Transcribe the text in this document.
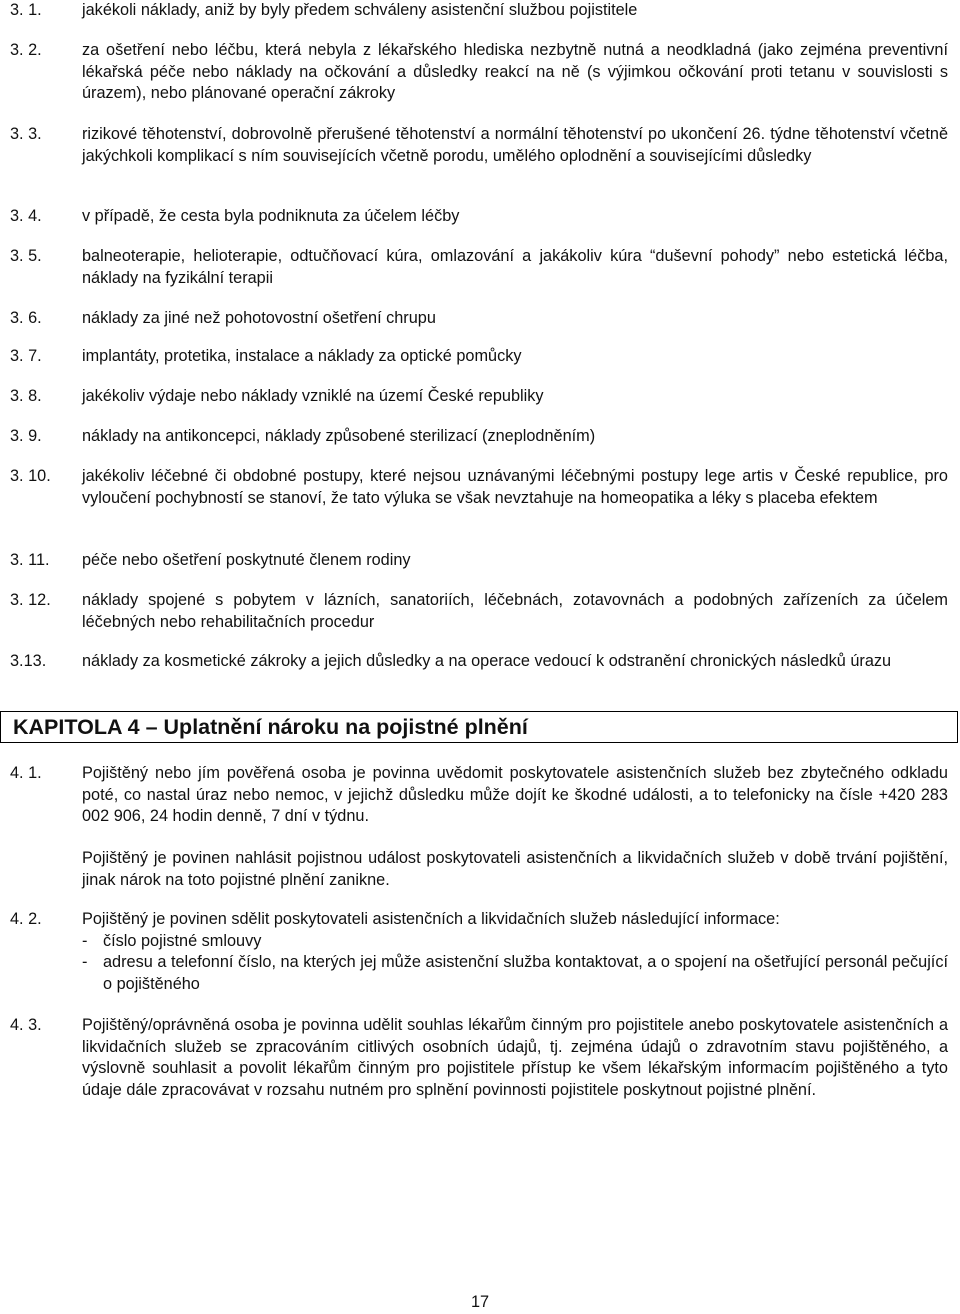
3. 1. jakékoli náklady, aniž by byly předem schváleny asistenční službou pojistitele
3. 2. za ošetření nebo léčbu, která nebyla z lékařského hlediska nezbytně nutná a neodkladná (jako zejména preventivní lékařská péče nebo náklady na očkování a důsledky reakcí na ně (s výjimkou očkování proti tetanu v souvislosti s úrazem), nebo plánované operační zákroky
3. 3. rizikové těhotenství, dobrovolně přerušené těhotenství a normální těhotenství po ukončení 26. týdne těhotenství včetně jakýchkoli komplikací s ním souvisejících včetně porodu, umělého oplodnění a souvisejícími důsledky
3. 4. v případě, že cesta byla podniknuta za účelem léčby
3. 5. balneoterapie, helioterapie, odtučňovací kúra, omlazování a jakákoliv kúra “duševní pohody” nebo estetická léčba, náklady na fyzikální terapii
3. 6. náklady za jiné než pohotovostní ošetření chrupu
3. 7. implantáty, protetika, instalace a náklady za optické pomůcky
3. 8. jakékoliv výdaje nebo náklady vzniklé na území České republiky
3. 9. náklady na antikoncepci, náklady způsobené sterilizací (zneplodněním)
3. 10. jakékoliv léčebné či obdobné postupy, které nejsou uznávanými léčebnými postupy lege artis v České republice, pro vyloučení pochybností se stanoví, že tato výluka se však nevztahuje na homeopatika a léky s placeba efektem
3. 11. péče nebo ošetření poskytnuté členem rodiny
3. 12. náklady spojené s pobytem v lázních, sanatoriích, léčebnách, zotavovnách a podobných zařízeních za účelem léčebných nebo rehabilitačních procedur
3.13. náklady za kosmetické zákroky a jejich důsledky a na operace vedoucí k odstranění chronických následků úrazu
KAPITOLA 4 – Uplatnění nároku na pojistné plnění
4. 1. Pojištěný nebo jím pověřená osoba je povinna uvědomit poskytovatele asistenčních služeb bez zbytečného odkladu poté, co nastal úraz nebo nemoc, v jejichž důsledku může dojít ke škodné události, a to telefonicky na čísle +420 283 002 906, 24 hodin denně, 7 dní v týdnu.
Pojištěný je povinen nahlásit pojistnou událost poskytovateli asistenčních a likvidačních služeb v době trvání pojištění, jinak nárok na toto pojistné plnění zanikne.
4. 2. Pojištěný je povinen sdělit poskytovateli asistenčních a likvidačních služeb následující informace:
- číslo pojistné smlouvy
- adresu a telefonní číslo, na kterých jej může asistenční služba kontaktovat, a o spojení na ošetřující personál pečující o pojištěného
4. 3. Pojištěný/oprávněná osoba je povinna udělit souhlas lékařům činným pro pojistitele anebo poskytovatele asistenčních a likvidačních služeb se zpracováním citlivých osobních údajů, tj. zejména údajů o zdravotním stavu pojištěného, a výslovně souhlasit a povolit lékařům činným pro pojistitele přístup ke všem lékařským informacím pojištěného a tyto údaje dále zpracovávat v rozsahu nutném pro splnění povinnosti pojistitele poskytnout pojistné plnění.
17
